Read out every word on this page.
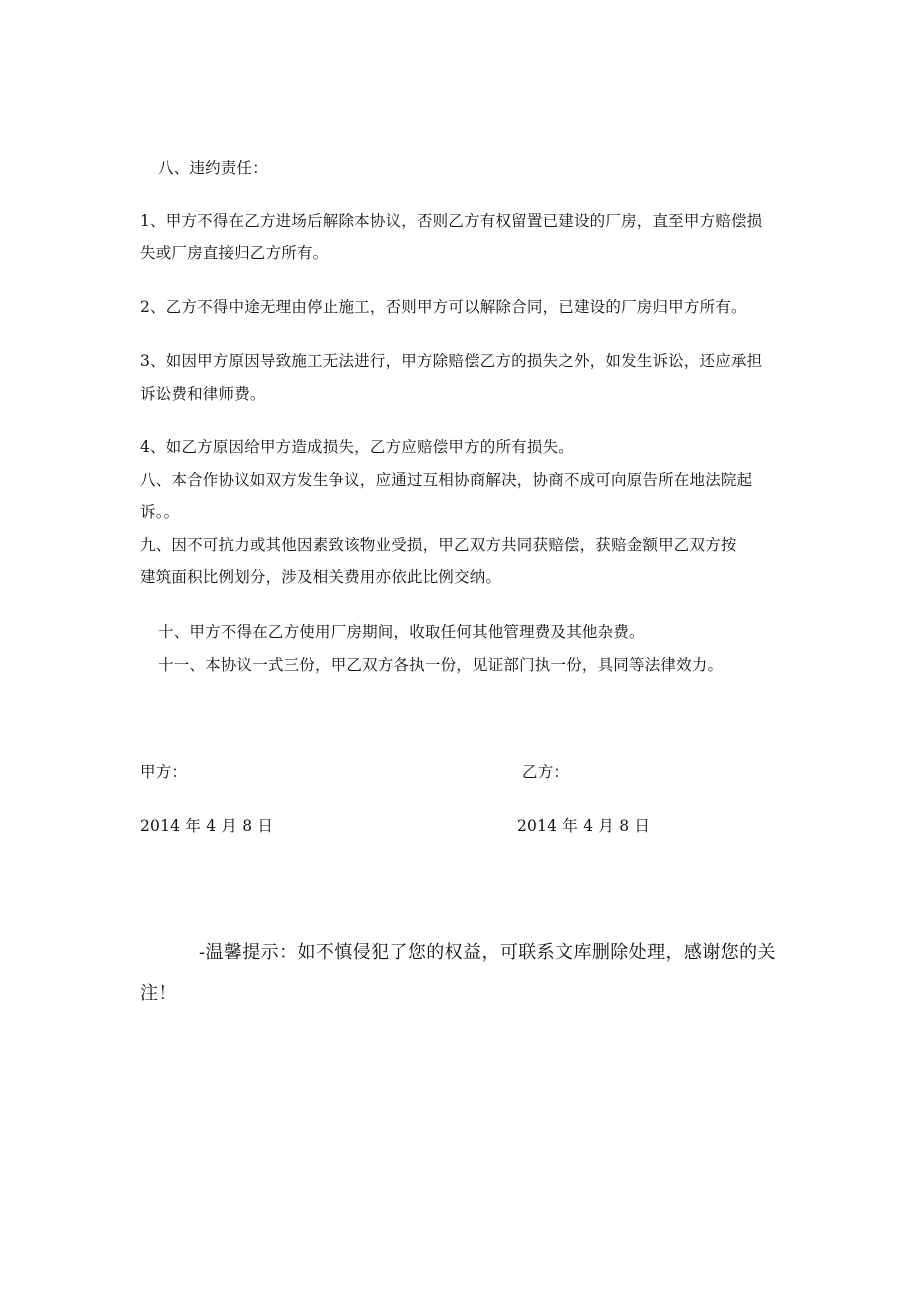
八、违约责任：
1、甲方不得在乙方进场后解除本协议，否则乙方有权留置已建设的厂房，直至甲方赔偿损
失或厂房直接归乙方所有。
2、乙方不得中途无理由停止施工，否则甲方可以解除合同，已建设的厂房归甲方所有。
3、如因甲方原因导致施工无法进行，甲方除赔偿乙方的损失之外，如发生诉讼，还应承担
诉讼费和律师费。
4、如乙方原因给甲方造成损失，乙方应赔偿甲方的所有损失。
八、本合作协议如双方发生争议，应通过互相协商解决，协商不成可向原告所在地法院起
诉。。
九、因不可抗力或其他因素致该物业受损，甲乙双方共同获赔偿，获赔金额甲乙双方按
建筑面积比例划分，涉及相关费用亦依此比例交纳。
十、甲方不得在乙方使用厂房期间，收取任何其他管理费及其他杂费。
十一、本协议一式三份，甲乙双方各执一份，见证部门执一份，具同等法律效力。
甲方：	乙方：
2014 年 4 月 8 日	2014 年 4 月 8 日
-温馨提示：如不慎侵犯了您的权益，可联系文库删除处理，感谢您的关
注！
